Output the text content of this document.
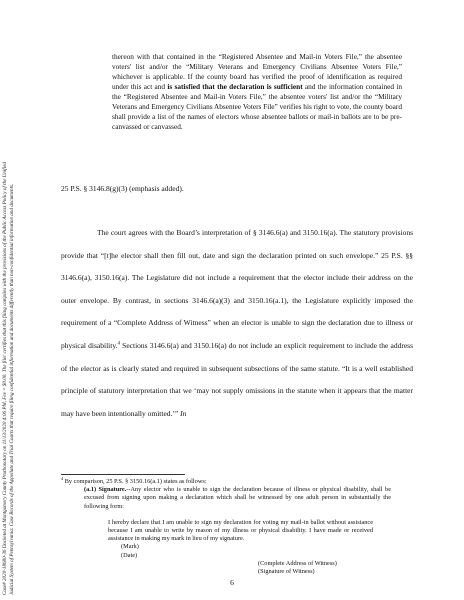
Case# 2020-18680-36 Docketed at Montgomery County Prothonotary on 11/13/2020 4:06 PM, Fee = $0.00. The filer certifies that this filing complies with the provisions of the Public Access Policy of the Unified Judicial System of Pennsylvania: Case Records of the Appellate and Trial Courts that require filing confidential information and documents differently than non-confidential information and documents.
thereon with that contained in the “Registered Absentee and Mail-in Voters File,” the absentee voters' list and/or the “Military Veterans and Emergency Civilians Absentee Voters File,” whichever is applicable. If the county board has verified the proof of identification as required under this act and is satisfied that the declaration is sufficient and the information contained in the “Registered Absentee and Mail-in Voters File,” the absentee voters' list and/or the “Military Veterans and Emergency Civilians Absentee Voters File” verifies his right to vote, the county board shall provide a list of the names of electors whose absentee ballots or mail-in ballots are to be pre-canvassed or canvassed.
25 P.S. § 3146.8(g)(3) (emphasis added).

The court agrees with the Board’s interpretation of § 3146.6(a) and 3150.16(a). The statutory provisions provide that “[t]he elector shall then fill out, date and sign the declaration printed on such envelope.” 25 P.S. §§ 3146.6(a), 3150.16(a). The Legislature did not include a requirement that the elector include their address on the outer envelope. By contrast, in sections 3146.6(a)(3) and 3150.16(a.1), the Legislature explicitly imposed the requirement of a “Complete Address of Witness” when an elector is unable to sign the declaration due to illness or physical disability.$^4$ Sections 3146.6(a) and 3150.16(a) do not include an explicit requirement to include the address of the elector as is clearly stated and required in subsequent subsections of the same statute. “It is a well established principle of statutory interpretation that we ‘may not supply omissions in the statute when it appears that the matter may have been intentionally omitted.’” In

$^4$ By comparison, 25 P.S. § 3150.16(a.1) states as follows:
(a.1) Signature.--Any elector who is unable to sign the declaration because of illness or physical disability, shall be excused from signing upon making a declaration which shall be witnessed by one adult person in substantially the following form:
I hereby declare that I am unable to sign my declaration for voting my mail-in ballot without assistance because I am unable to write by reason of my illness or physical disability. I have made or received assistance in making my mark in lieu of my signature.
(Mark)
(Date)
(Complete Address of Witness)
(Signature of Witness)
6
